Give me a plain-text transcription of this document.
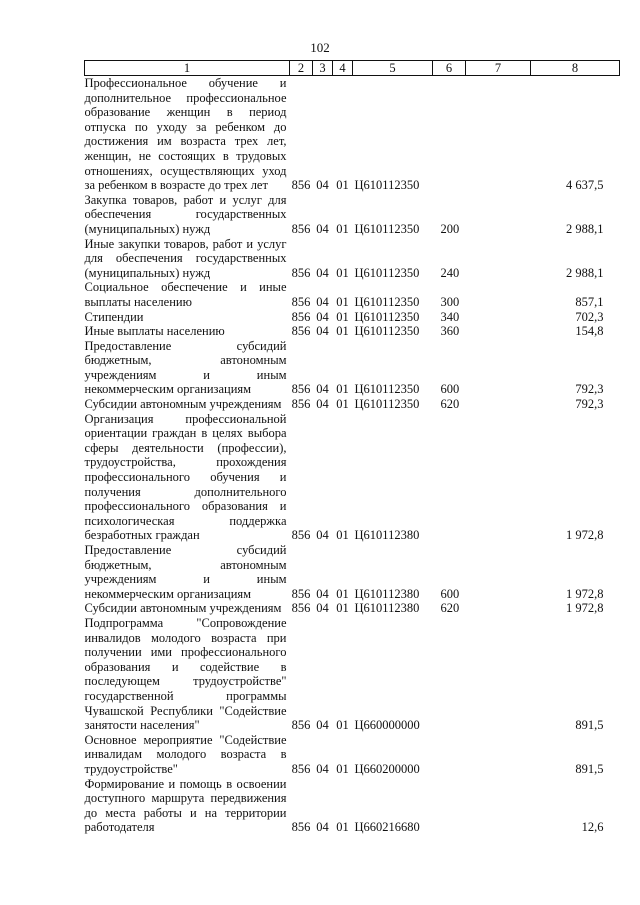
102
1	2	3	4	5	6	7	8
Профессиональное обучение и дополнительное профессиональное образование женщин в период отпуска по уходу за ребенком до достижения им возраста трех лет, женщин, не состоящих в трудовых отношениях, осуществляющих уход за ребенком в возрасте до трех лет	856	04	01	Ц610112350			4 637,5
Закупка товаров, работ и услуг для обеспечения государственных (муниципальных) нужд	856	04	01	Ц610112350	200		2 988,1
Иные закупки товаров, работ и услуг для обеспечения государственных (муниципальных) нужд	856	04	01	Ц610112350	240		2 988,1
Социальное обеспечение и иные выплаты населению	856	04	01	Ц610112350	300		857,1
Стипендии	856	04	01	Ц610112350	340		702,3
Иные выплаты населению	856	04	01	Ц610112350	360		154,8
Предоставление субсидий бюджетным, автономным учреждениям и иным некоммерческим организациям	856	04	01	Ц610112350	600		792,3
Субсидии автономным учреждениям	856	04	01	Ц610112350	620		792,3
Организация профессиональной ориентации граждан в целях выбора сферы деятельности (профессии), трудоустройства, прохождения профессионального обучения и получения дополнительного профессионального образования и психологическая поддержка безработных граждан	856	04	01	Ц610112380			1 972,8
Предоставление субсидий бюджетным, автономным учреждениям и иным некоммерческим организациям	856	04	01	Ц610112380	600		1 972,8
Субсидии автономным учреждениям	856	04	01	Ц610112380	620		1 972,8
Подпрограмма "Сопровождение инвалидов молодого возраста при получении ими профессионального образования и содействие в последующем трудоустройстве" государственной программы Чувашской Республики "Содействие занятости населения"	856	04	01	Ц660000000			891,5
Основное мероприятие "Содействие инвалидам молодого возраста в трудоустройстве"	856	04	01	Ц660200000			891,5
Формирование и помощь в освоении доступного маршрута передвижения до места работы и на территории работодателя	856	04	01	Ц660216680			12,6
